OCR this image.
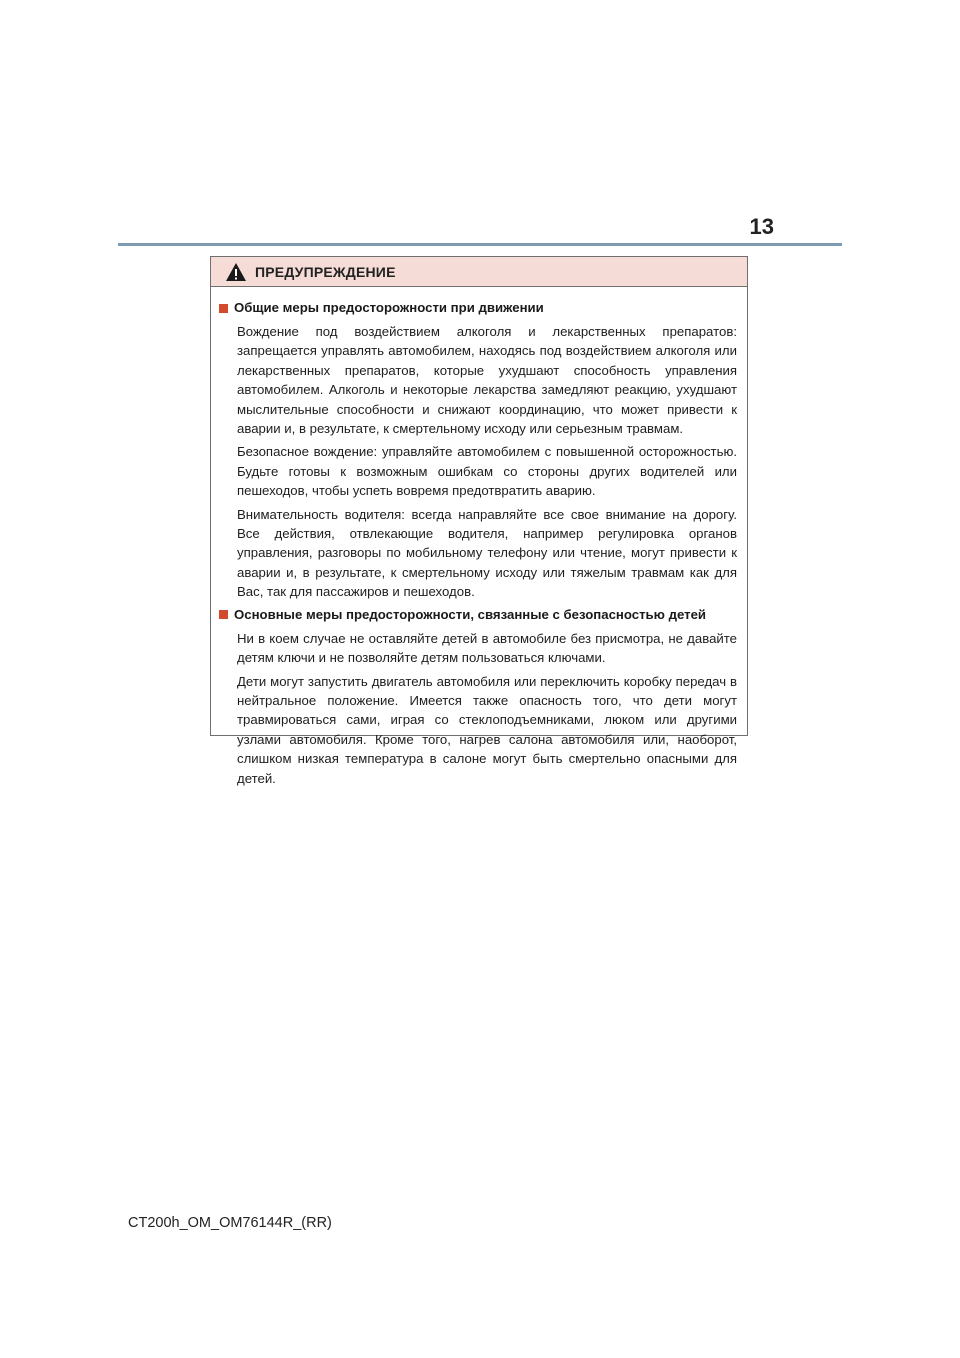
13
ПРЕДУПРЕЖДЕНИЕ
Общие меры предосторожности при движении

Вождение под воздействием алкоголя и лекарственных препаратов: запрещается управлять автомобилем, находясь под воздействием алкоголя или лекарственных препаратов, которые ухудшают способность управления автомобилем. Алкоголь и некоторые лекарства замедляют реакцию, ухудшают мыслительные способности и снижают координацию, что может привести к аварии и, в результате, к смертельному исходу или серьезным травмам.

Безопасное вождение: управляйте автомобилем с повышенной осторожностью. Будьте готовы к возможным ошибкам со стороны других водителей или пешеходов, чтобы успеть вовремя предотвратить аварию.

Внимательность водителя: всегда направляйте все свое внимание на дорогу. Все действия, отвлекающие водителя, например регулировка органов управления, разговоры по мобильному телефону или чтение, могут привести к аварии и, в результате, к смертельному исходу или тяжелым травмам как для Вас, так для пассажиров и пешеходов.

Основные меры предосторожности, связанные с безопасностью детей

Ни в коем случае не оставляйте детей в автомобиле без присмотра, не давайте детям ключи и не позволяйте детям пользоваться ключами.

Дети могут запустить двигатель автомобиля или переключить коробку передач в нейтральное положение. Имеется также опасность того, что дети могут травмироваться сами, играя со стеклоподъемниками, люком или другими узлами автомобиля. Кроме того, нагрев салона автомобиля или, наоборот, слишком низкая температура в салоне могут быть смертельно опасными для детей.

CT200h_OM_OM76144R_(RR)
